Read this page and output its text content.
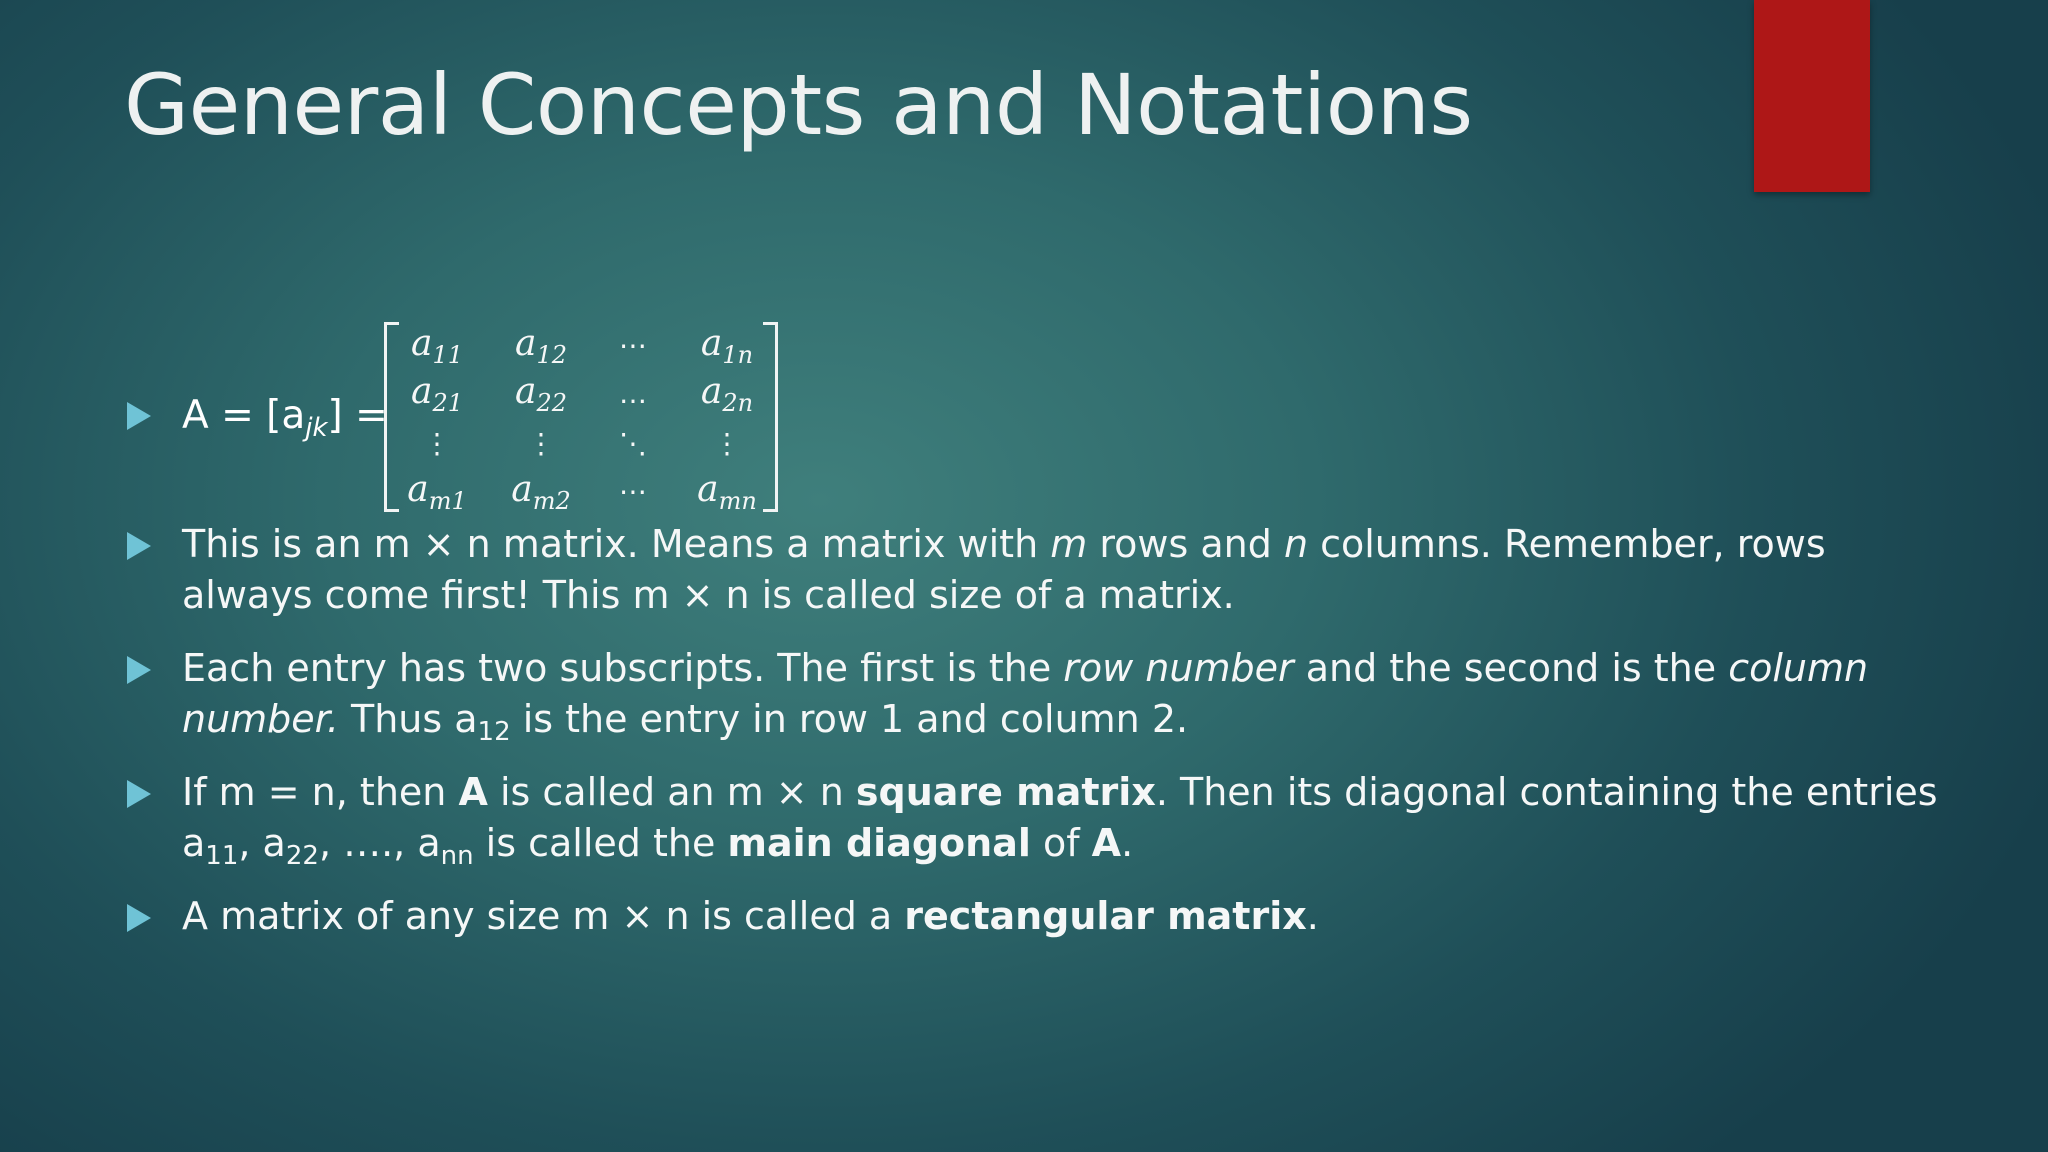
General Concepts and Notations
$A = [a_{jk}]$ =
$a_{11}$	$a_{12}$	⋯	$a_{1n}$
$a_{21}$	$a_{22}$	…	$a_{2n}$
⋮	⋮	⋱	⋮
$a_{m1}$	$a_{m2}$	⋯	$a_{mn}$
This is an m × n matrix. Means a matrix with m rows and n columns. Remember, rows
always come first! This m × n is called size of a matrix.
Each entry has two subscripts. The first is the row number and the second is the column
number. Thus $a_{12}$ is the entry in row 1 and column 2.
If m = n, then A is called an m × n square matrix. Then its diagonal containing the entries
$a_{11}$, $a_{22}$, …., $a_{nn}$ is called the main diagonal of A.
A matrix of any size m × n is called a rectangular matrix.
